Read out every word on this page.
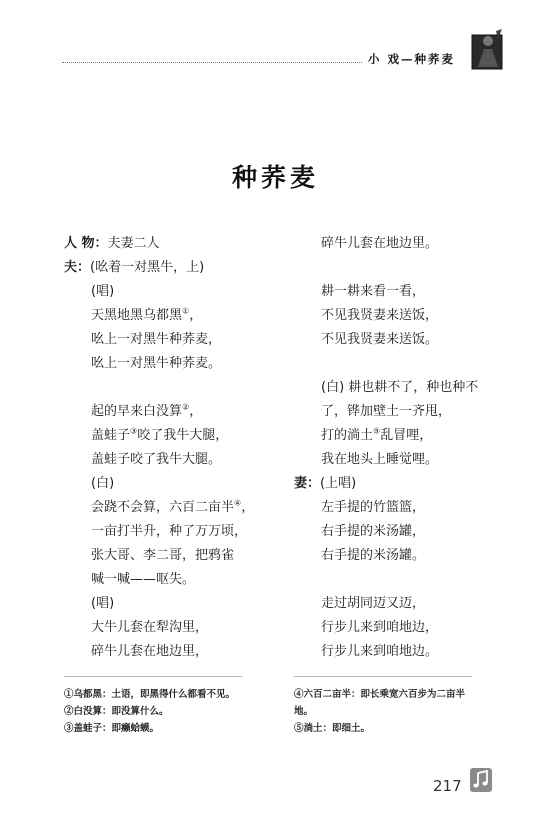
小 戏—种荞麦
种荞麦
人 物：夫妻二人
夫：(吆着一对黑牛，上)
(唱)
天黑地黑乌都黑①，
吆上一对黑牛种荞麦，
吆上一对黑牛种荞麦。
起的早来白没算②，
盖蛙子③咬了我牛大腿，
盖蛙子咬了我牛大腿。
(白)
会跷不会算，六百二亩半④，
一亩打半升，种了万万顷，
张大哥、李二哥，把鸦雀
喊一喊——呕失。
(唱)
大牛儿套在犁沟里，
碎牛儿套在地边里，
碎牛儿套在地边里。
耕一耕来看一看，
不见我贤妻来送饭，
不见我贤妻来送饭。
(白) 耕也耕不了，种也种不
了，铧加壁土一齐甩，
打的淌土⑤乱冒哩，
我在地头上睡觉哩。
妻：(上唱)
左手提的竹篮篮，
右手提的米汤罐，
右手提的米汤罐。
走过胡同迈又迈，
行步儿来到咱地边，
行步儿来到咱地边。
①乌都黑：土语，即黑得什么都看不见。
②白没算：即没算什么。
③盖蛙子：即癞蛤蟆。
④六百二亩半：即长乘宽六百步为二亩半
地。
⑤淌土：即细土。
217
